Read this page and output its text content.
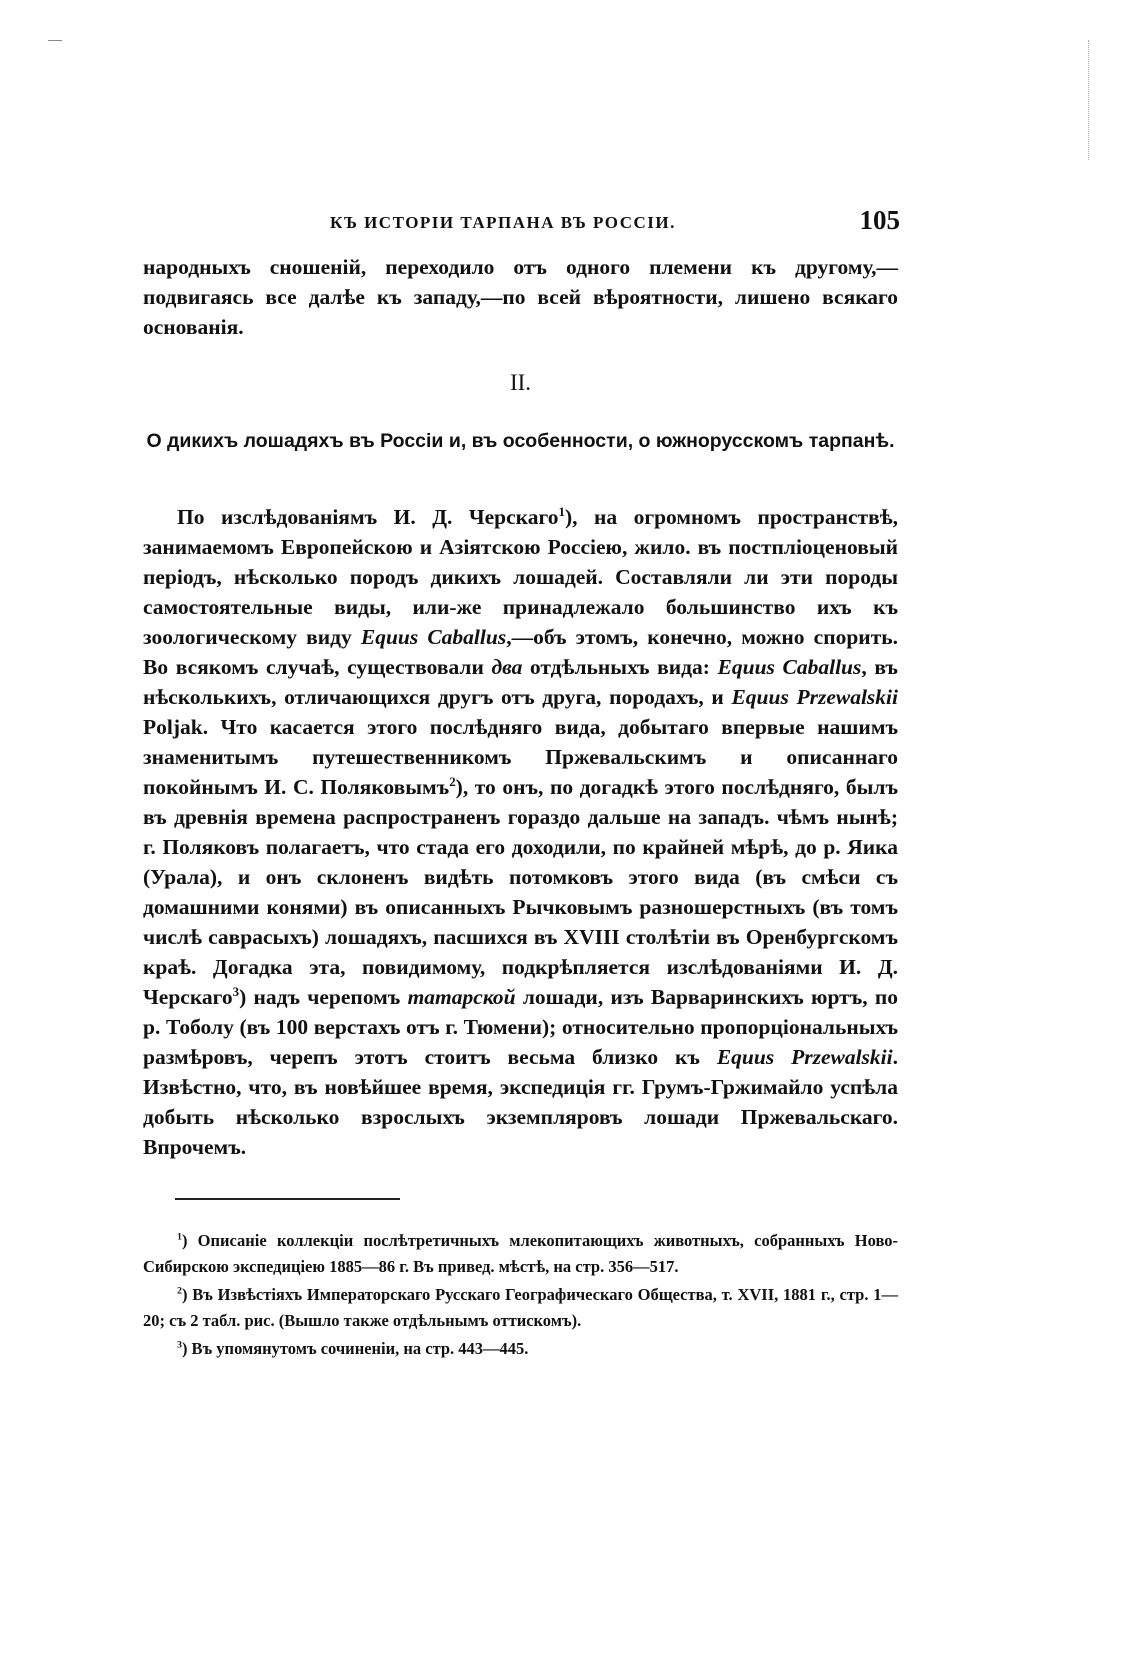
КЪ ИСТОРІИ ТАРПАНА ВЪ РОССІИ.	105

народныхъ сношеній, переходило отъ одного племени къ другому,—подвигаясь все далѣе къ западу,—по всей вѣроятности, лишено всякаго основанія.

II.
О дикихъ лошадяхъ въ Россіи и, въ особенности, о южнорусскомъ тарпанѣ.

По изслѣдованіямъ И. Д. Черскаго$^1$), на огромномъ пространствѣ, занимаемомъ Европейскою и Азіятскою Россіею, жило. въ постпліоценовый періодъ, нѣсколько породъ дикихъ лошадей. Составляли ли эти породы самостоятельные виды, или-же принадлежало большинство ихъ къ зоологическому виду Equus Caballus,—объ этомъ, конечно, можно спорить. Во всякомъ случаѣ, существовали два отдѣльныхъ вида: Equus Caballus, въ нѣсколькихъ, отличающихся другъ отъ друга, породахъ, и Equus Przewalskii Poljak. Что касается этого послѣдняго вида, добытаго впервые нашимъ знаменитымъ путешественникомъ Пржевальскимъ и описаннаго покойнымъ И. С. Поляковымъ$^2$), то онъ, по догадкѣ этого послѣдняго, былъ въ древнія времена распространенъ гораздо дальше на западъ. чѣмъ нынѣ; г. Поляковъ полагаетъ, что стада его доходили, по крайней мѣрѣ, до р. Яика (Урала), и онъ склоненъ видѣть потомковъ этого вида (въ смѣси съ домашними конями) въ описанныхъ Рычковымъ разношерстныхъ (въ томъ числѣ саврасыхъ) лошадяхъ, пасшихся въ XVIII столѣтіи въ Оренбургскомъ краѣ. Догадка эта, повидимому, подкрѣпляется изслѣдованіями И. Д. Черскаго$^3$) надъ черепомъ татарской лошади, изъ Варваринскихъ юртъ, по р. Тоболу (въ 100 верстахъ отъ г. Тюмени); относительно пропорціональныхъ размѣровъ, черепъ этотъ стоитъ весьма близко къ Equus Przewalskii. Извѣстно, что, въ новѣйшее время, экспедиція гг. Грумъ-Гржимайло успѣла добыть нѣсколько взрослыхъ экземпляровъ лошади Пржевальскаго. Впрочемъ.

$^1$) Описаніе коллекціи послѣтретичныхъ млекопитающихъ животныхъ, собранныхъ Ново-Сибирскою экспедиціею 1885—86 г. Въ привед. мѣстѣ, на стр. 356—517.

$^2$) Въ Извѣстіяхъ Императорскаго Русскаго Географическаго Общества, т. XVII, 1881 г., стр. 1—20; съ 2 табл. рис. (Вышло также отдѣльнымъ оттискомъ).

$^3$) Въ упомянутомъ сочиненіи, на стр. 443—445.
